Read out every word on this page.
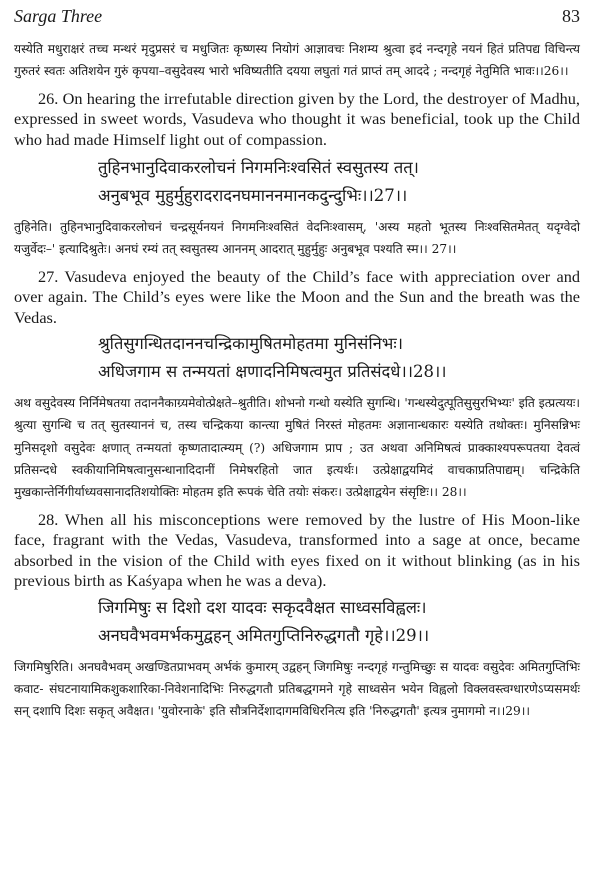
Sarga Three	83

यस्येति मधुराक्षरं तच्च मन्थरं मृदुप्रसरं च मधुजितः कृष्णस्य नियोगं आज्ञावचः निशम्य श्रुत्वा इदं नन्दगृहे नयनं हितं प्रतिपद्य विचिन्त्य गुरुतरं स्वतः अतिशयेन गुरुं कृपया–वसुदेवस्य भारो भविष्यतीति दयया लघुतां गतं प्राप्तं तम् आददे ; नन्दगृहं नेतुमिति भावः।।26।।

26. On hearing the irrefutable direction given by the Lord, the destroyer of Madhu, expressed in sweet words, Vasudeva who thought it was beneficial, took up the Child who had made Himself light out of compassion.

तुहिनभानुदिवाकरलोचनं निगमनिःश्वसितं स्वसुतस्य तत्।
अनुबभूव मुहुर्मुहुरादरादनघमाननमानकदुन्दुभिः।।27।।

तुहिनेति। तुहिनभानुदिवाकरलोचनं चन्द्रसूर्यनयनं निगमनिःश्वसितं वेदनिःश्वासम्, 'अस्य महतो भूतस्य निःश्वसितमेतत् यदृग्वेदो यजुर्वेदः–' इत्यादिश्रुतेः। अनघं रम्यं तत् स्वसुतस्य आननम् आदरात् मुहुर्मुहुः अनुबभूव पश्यति स्म।। 27।।

27. Vasudeva enjoyed the beauty of the Child’s face with appreciation over and over again. The Child’s eyes were like the Moon and the Sun and the breath was the Vedas.

श्रुतिसुगन्धितदाननचन्द्रिकामुषितमोहतमा मुनिसंनिभः।
अधिजगाम स तन्मयतां क्षणादनिमिषत्वमुत प्रतिसंदधे।।28।।

अथ वसुदेवस्य निर्निमेषतया तदाननैकाग्र्यमेवोत्प्रेक्षते–श्रुतीति। शोभनो गन्धो यस्येति सुगन्धि। 'गन्धस्येदुत्पूतिसुसुरभिभ्यः' इति इत्प्रत्ययः। श्रुत्या सुगन्धि च तत् सुतस्याननं च, तस्य चन्द्रिकया कान्त्या मुषितं निरस्तं मोहतमः अज्ञानान्धकारः यस्येति तथोक्तः। मुनिसन्निभः मुनिसदृशो वसुदेवः क्षणात् तन्मयतां कृष्णतादात्म्यम् (?) अधिजगाम प्राप ; उत अथवा अनिमिषत्वं प्राक्काश्यपरूपतया देवत्वं प्रतिसन्दधे स्वकीयानिमिषत्वानुसन्धानादिदानीं निमेषरहितो जात इत्यर्थः। उत्प्रेक्षाद्वयमिदं वाचकाप्रतिपाद्यम्। चन्द्रिकेति मुखकान्तेर्निगीर्याध्यवसानादतिशयोक्तिः मोहतम इति रूपकं चेति तयोः संकरः। उत्प्रेक्षाद्वयेन संसृष्टिः।। 28।।

28. When all his misconceptions were removed by the lustre of His Moon-like face, fragrant with the Vedas, Vasudeva, transformed into a sage at once, became absorbed in the vision of the Child with eyes fixed on it without blinking (as in his previous birth as Kaśyapa when he was a deva).

जिगमिषुः स दिशो दश यादवः सकृदवैक्षत साध्वसविह्वलः।
अनघवैभवमर्भकमुद्वहन् अमितगुप्तिनिरुद्धगतौ गृहे।।29।।

जिगमिषुरिति। अनघवैभवम् अखण्डितप्राभवम् अर्भकं कुमारम् उद्वहन् जिगमिषुः नन्दगृहं गन्तुमिच्छुः स यादवः वसुदेवः अमितगुप्तिभिः कवाट- संघटनायामिकशुकशारिका-निवेशनादिभिः निरुद्धगतौ प्रतिबद्धगमने गृहे साध्वसेन भयेन विह्वलो विक्लवस्त्वग्धारणेऽप्यसमर्थः सन् दशापि दिशः सकृत् अवैक्षत। 'युवोरनाके' इति सौत्रनिर्देशादागमविधिरनित्य इति 'निरुद्धगतौ' इत्यत्र नुमागमो न।।29।।
